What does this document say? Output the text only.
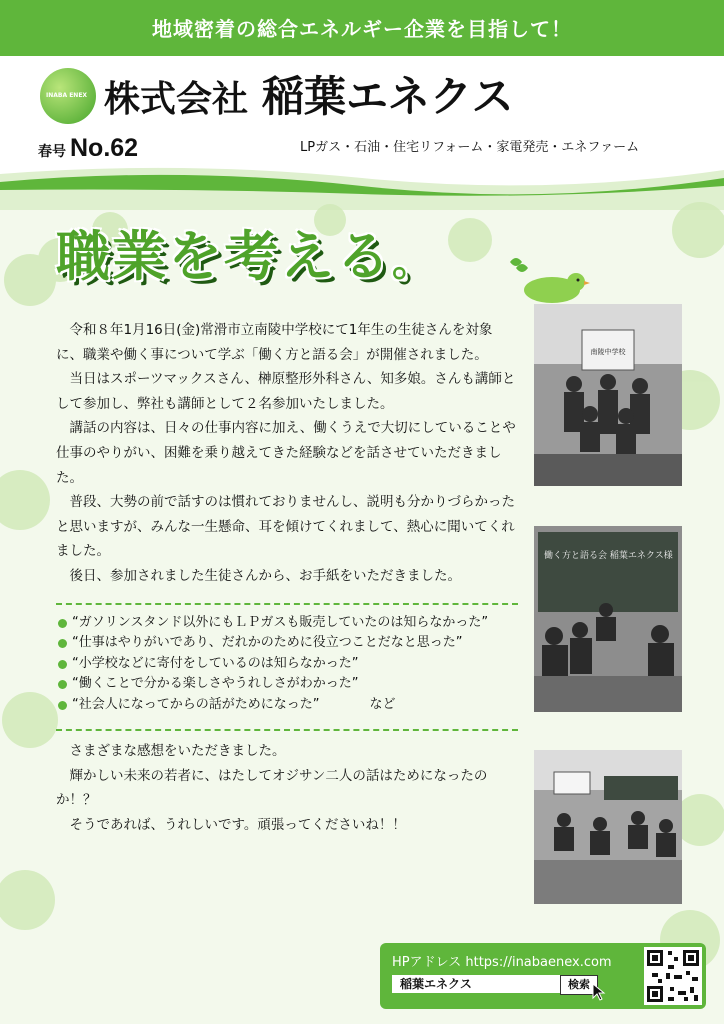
地域密着の総合エネルギー企業を目指して！
INABA ENEX 株式会社 稲葉エネクス
春号 No.62	LPガス・石油・住宅リフォーム・家電発売・エネファーム
職業を考える。

令和８年1月16日(金)常滑市立南陵中学校にて1年生の生徒さんを対象に、職業や働く事について学ぶ「働く方と語る会」が開催されました。

当日はスポーツマックスさん、榊原整形外科さん、知多娘。さんも講師として参加し、弊社も講師として２名参加いたしました。

講話の内容は、日々の仕事内容に加え、働くうえで大切にしていることや仕事のやりがい、困難を乗り越えてきた経験などを話させていただきました。

普段、大勢の前で話すのは慣れておりませんし、説明も分かりづらかったと思いますが、みんな一生懸命、耳を傾けてくれまして、熱心に聞いてくれました。

後日、参加されました生徒さんから、お手紙をいただきました。

“ガソリンスタンド以外にもＬＰガスも販売していたのは知らなかった”
“仕事はやりがいであり、だれかのために役立つことだなと思った”
“小学校などに寄付をしているのは知らなかった”
“働くことで分かる楽しさやうれしさがわかった”
“社会人になってからの話がためになった”	など

さまざまな感想をいただきました。

輝かしい未来の若者に、はたしてオジサン二人の話はためになったのか！？

そうであれば、うれしいです。頑張ってくださいね！！

南陵中学校
働く方と語る会 稲葉エネクス様
HPアドレス https://inabaenex.com
稲葉エネクス	検索
